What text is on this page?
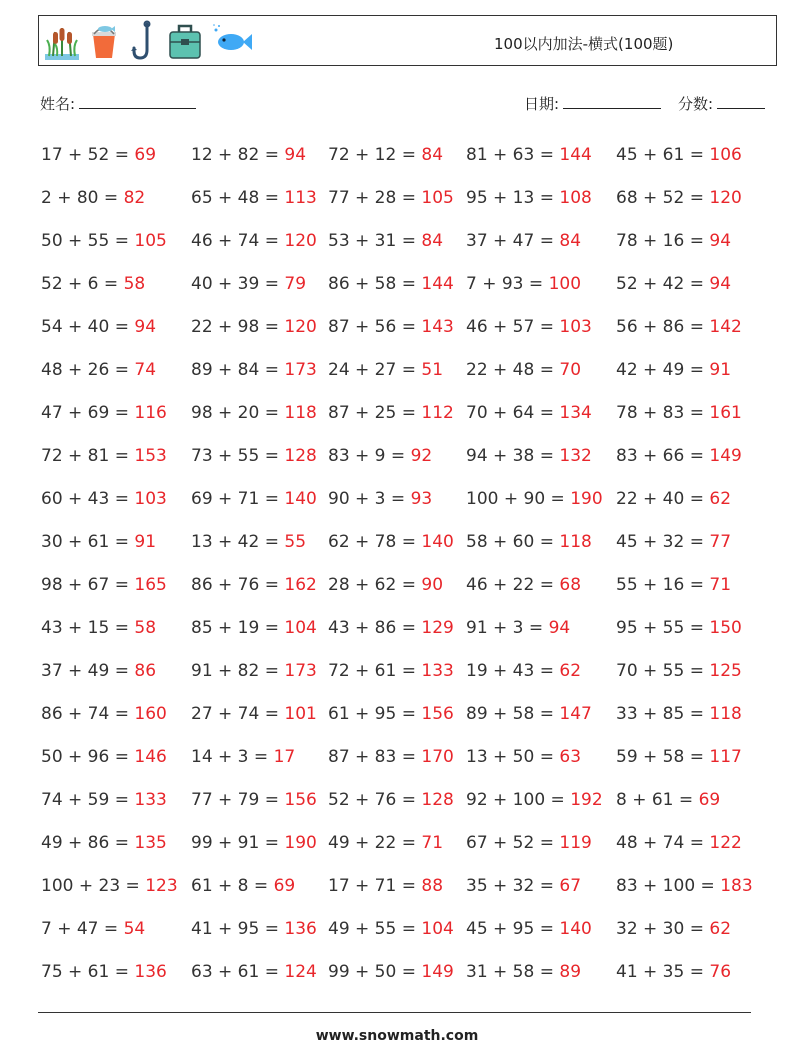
100以内加法-横式(100题)
姓名:	日期:	分数:
17 + 52 = 69 12 + 82 = 94 72 + 12 = 84 81 + 63 = 144 45 + 61 = 106
2 + 80 = 82	65 + 48 = 113 77 + 28 = 105 95 + 13 = 108 68 + 52 = 120
50 + 55 = 105 46 + 74 = 120 53 + 31 = 84 37 + 47 = 84 78 + 16 = 94
52 + 6 = 58	40 + 39 = 79 86 + 58 = 144 7 + 93 = 100 52 + 42 = 94
54 + 40 = 94 22 + 98 = 120 87 + 56 = 143 46 + 57 = 103 56 + 86 = 142
48 + 26 = 74 89 + 84 = 173 24 + 27 = 51 22 + 48 = 70 42 + 49 = 91
47 + 69 = 116 98 + 20 = 118 87 + 25 = 112 70 + 64 = 134 78 + 83 = 161
72 + 81 = 153 73 + 55 = 128 83 + 9 = 92 94 + 38 = 132 83 + 66 = 149
60 + 43 = 103 69 + 71 = 140 90 + 3 = 93 100 + 90 = 190 22 + 40 = 62
30 + 61 = 91 13 + 42 = 55 62 + 78 = 140 58 + 60 = 118 45 + 32 = 77
98 + 67 = 165 86 + 76 = 162 28 + 62 = 90 46 + 22 = 68 55 + 16 = 71
43 + 15 = 58 85 + 19 = 104 43 + 86 = 129 91 + 3 = 94	95 + 55 = 150
37 + 49 = 86 91 + 82 = 173 72 + 61 = 133 19 + 43 = 62 70 + 55 = 125
86 + 74 = 160 27 + 74 = 101 61 + 95 = 156 89 + 58 = 147 33 + 85 = 118
50 + 96 = 146 14 + 3 = 17 87 + 83 = 170 13 + 50 = 63 59 + 58 = 117
74 + 59 = 133 77 + 79 = 156 52 + 76 = 128 92 + 100 = 192 8 + 61 = 69
49 + 86 = 135 99 + 91 = 190 49 + 22 = 71 67 + 52 = 119 48 + 74 = 122
100 + 23 = 123 61 + 8 = 69 17 + 71 = 88 35 + 32 = 67 83 + 100 = 183
7 + 47 = 54	41 + 95 = 136 49 + 55 = 104 45 + 95 = 140 32 + 30 = 62
75 + 61 = 136 63 + 61 = 124 99 + 50 = 149 31 + 58 = 89 41 + 35 = 76
www.snowmath.com
